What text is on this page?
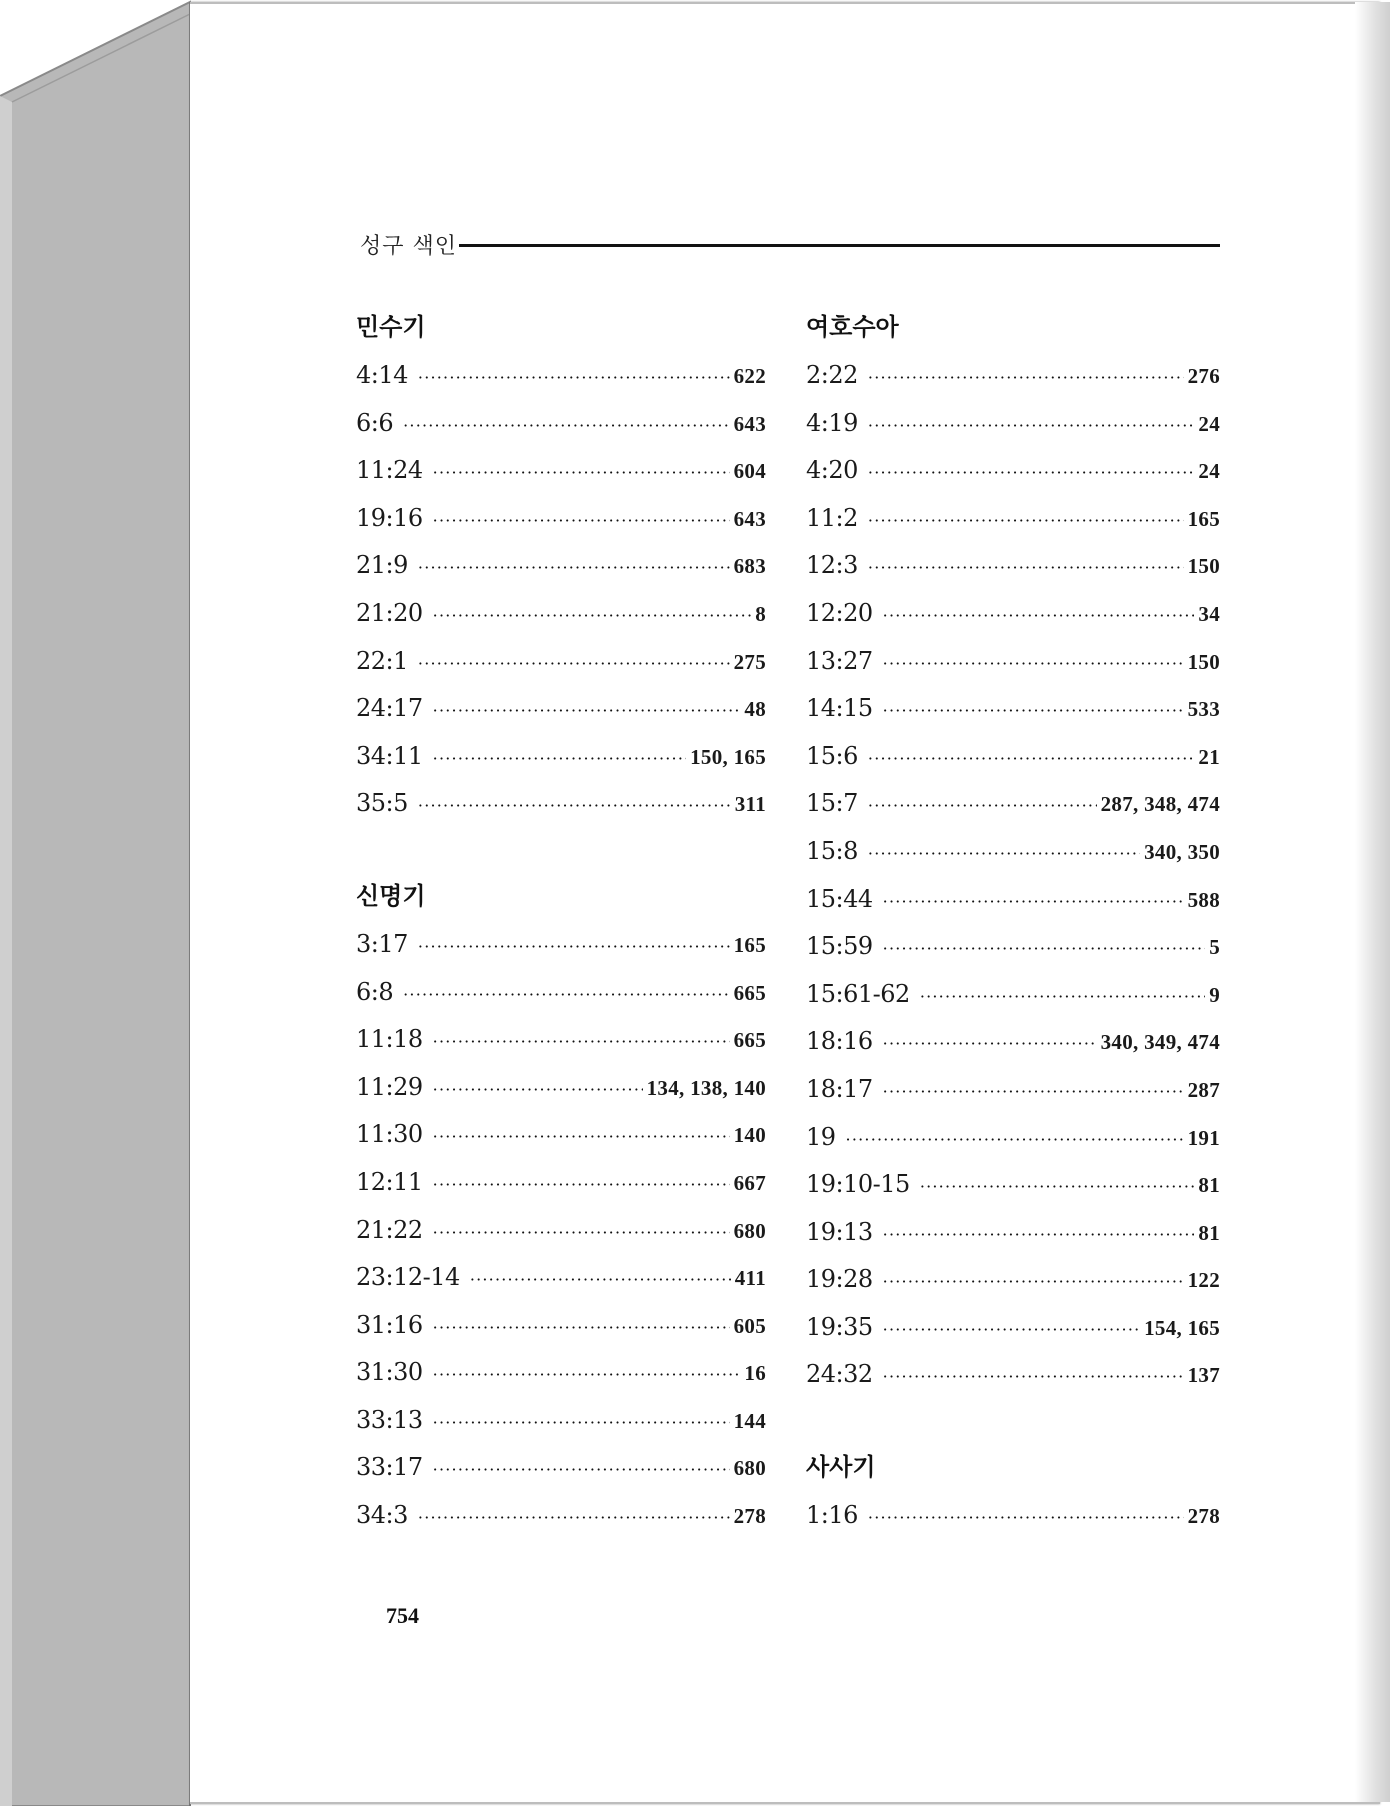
성구 색인
민수기
4:14 ·····	622
6:6 ·····	643
11:24 ·····	604
19:16 ·····	643
21:9 ·····	683
21:20 ·····	8
22:1 ·····	275
24:17 ·····	48
34:11 ·····	150, 165
35:5 ·····	311
신명기
3:17 ·····	165
6:8 ·····	665
11:18 ·····	665
11:29 ·····	134, 138, 140
11:30 ·····	140
12:11 ·····	667
21:22 ·····	680
23:12-14 ·····	411
31:16 ·····	605
31:30 ·····	16
33:13 ·····	144
33:17 ·····	680
34:3 ·····	278
여호수아
2:22 ·····	276
4:19 ·····	24
4:20 ·····	24
11:2 ·····	165
12:3 ·····	150
12:20 ·····	34
13:27 ·····	150
14:15 ·····	533
15:6 ·····	21
15:7 ·····	287, 348, 474
15:8 ·····	340, 350
15:44 ·····	588
15:59 ·····	5
15:61-62 ·····	9
18:16 ·····	340, 349, 474
18:17 ·····	287
19 ·····	191
19:10-15 ·····	81
19:13 ·····	81
19:28 ·····	122
19:35 ·····	154, 165
24:32 ·····	137
사사기
1:16 ·····	278
754
